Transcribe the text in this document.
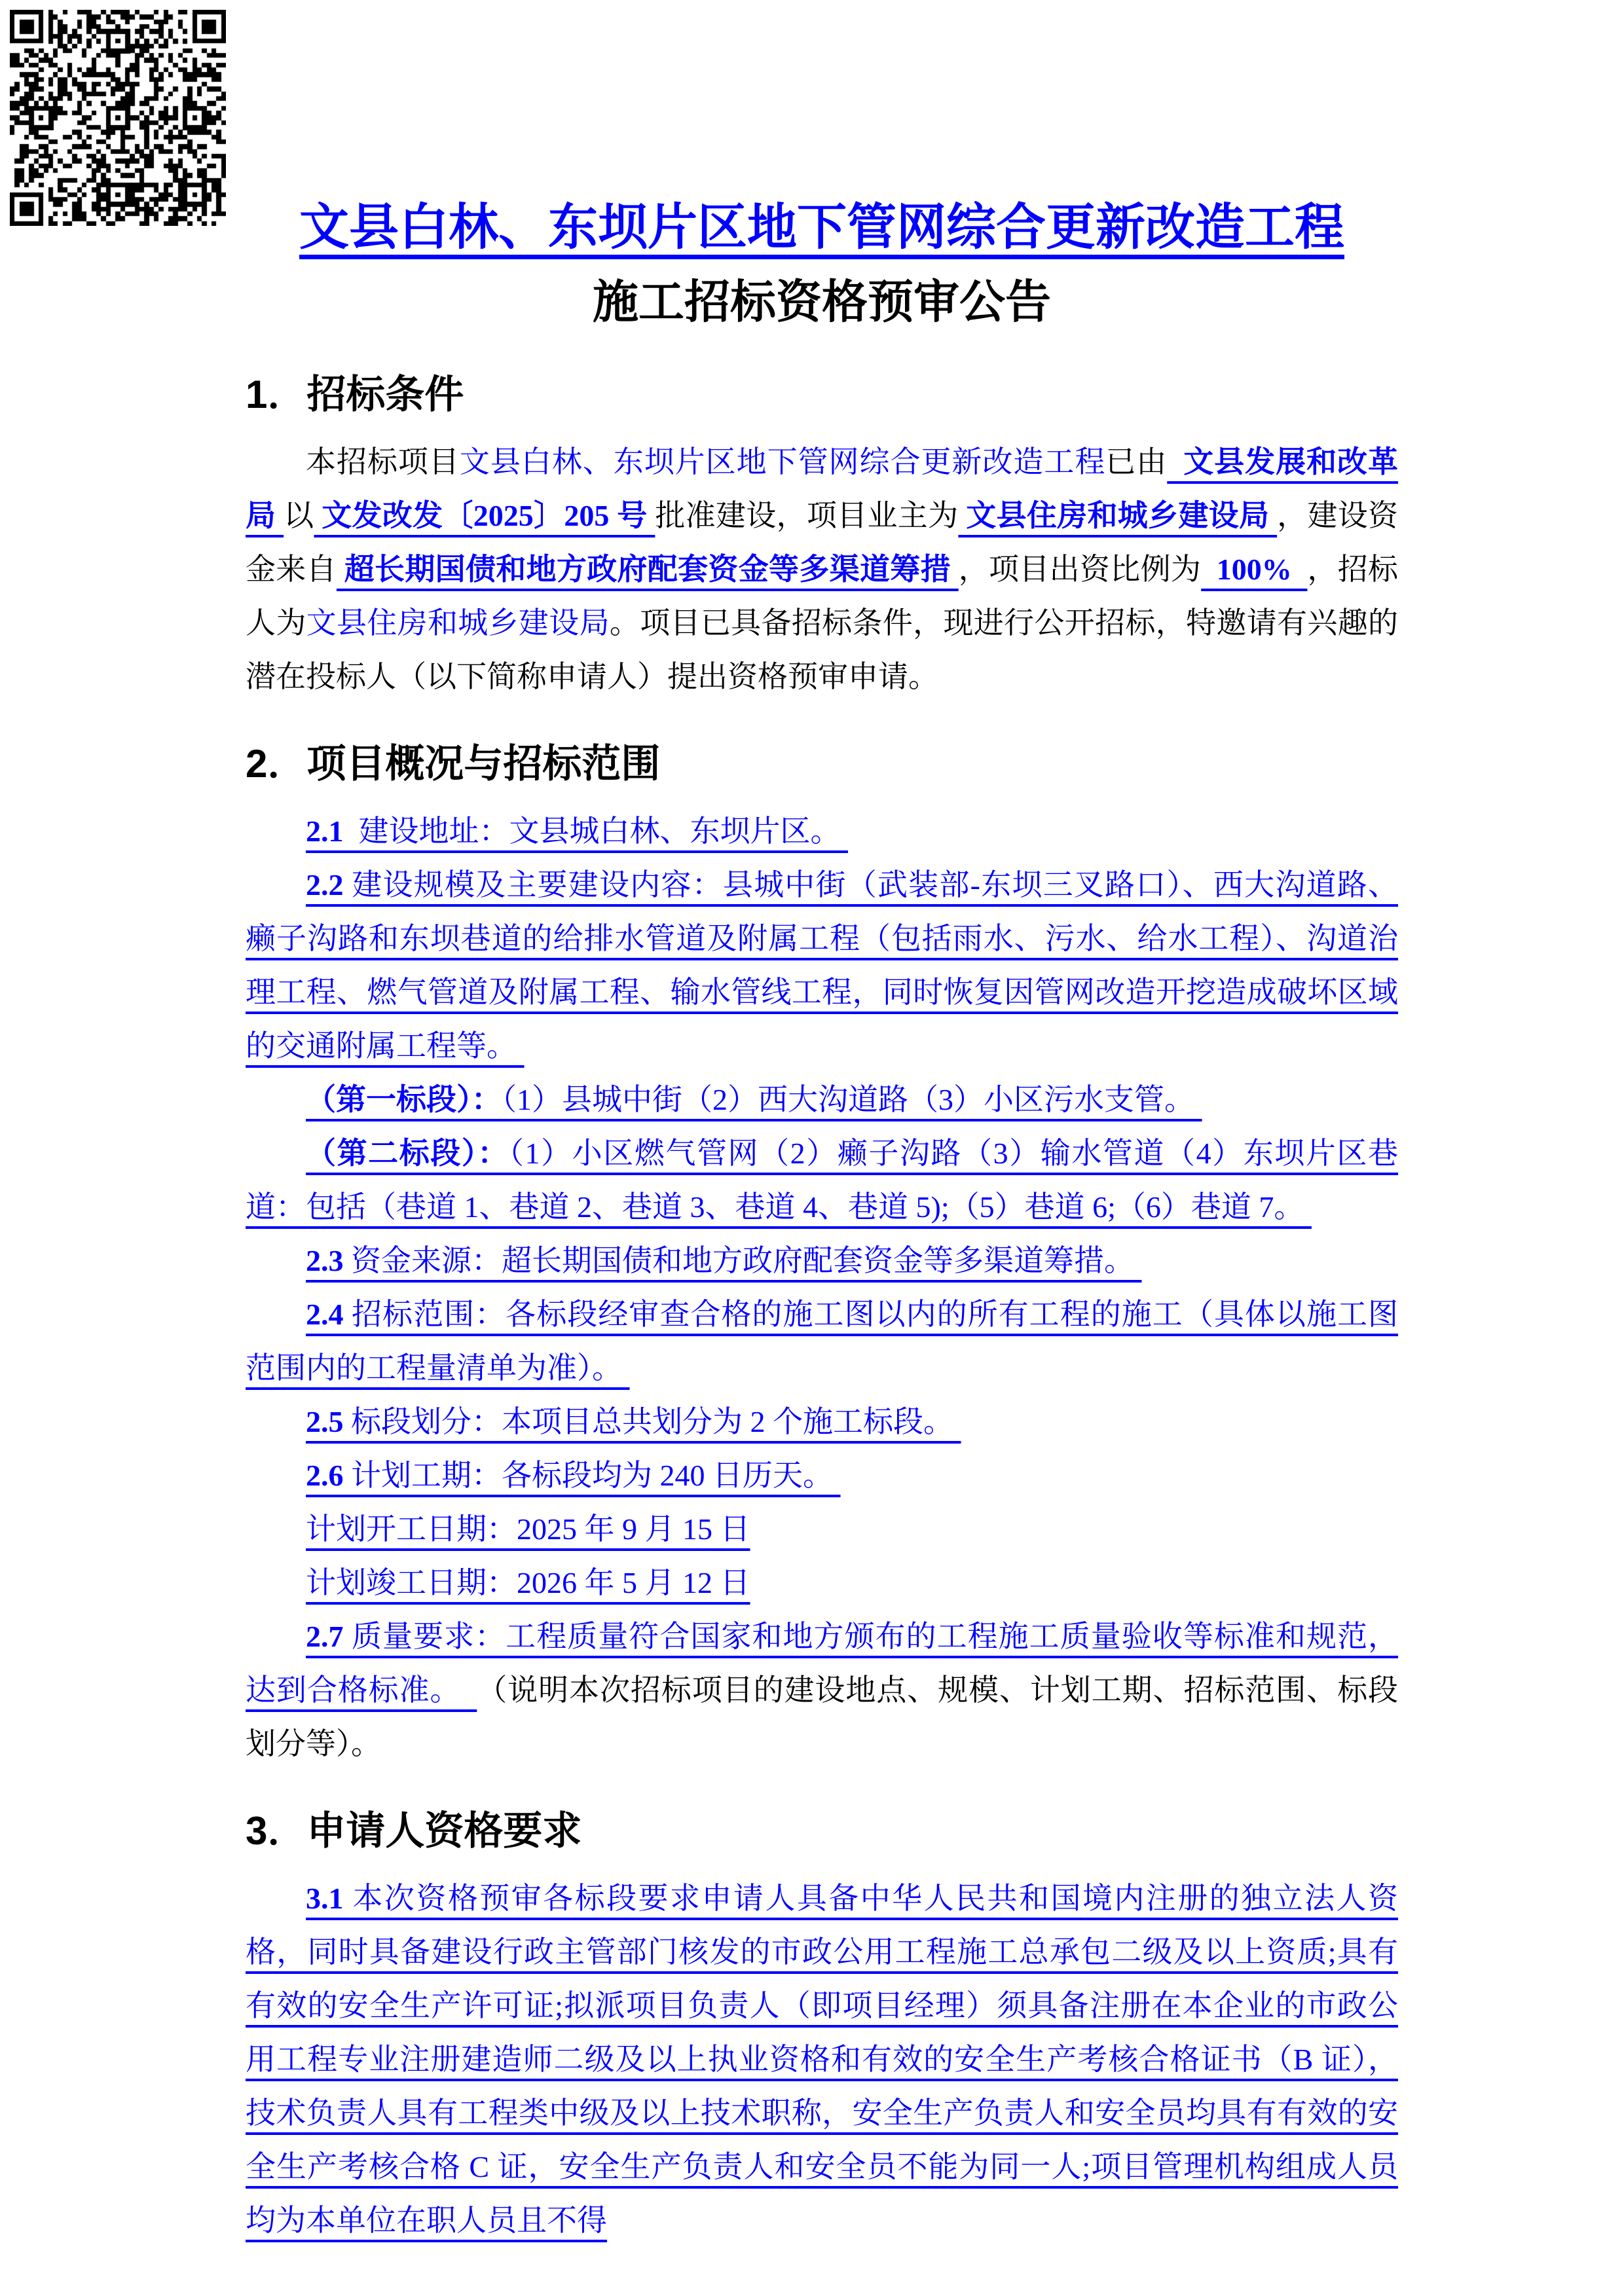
文县白林、东坝片区地下管网综合更新改造工程
施工招标资格预审公告
1．招标条件

本招标项目文县白林、东坝片区地下管网综合更新改造工程已由  文县发展和改革局 以 文发改发〔2025〕205 号 批准建设，项目业主为 文县住房和城乡建设局 ，建设资金来自 超长期国债和地方政府配套资金等多渠道筹措 ，项目出资比例为  100%  ，招标人为文县住房和城乡建设局。项目已具备招标条件，现进行公开招标，特邀请有兴趣的潜在投标人（以下简称申请人）提出资格预审申请。

2．项目概况与招标范围

2.1  建设地址：文县城白林、东坝片区。

2.2 建设规模及主要建设内容：县城中街（武装部-东坝三叉路口）、西大沟道路、癞子沟路和东坝巷道的给排水管道及附属工程（包括雨水、污水、给水工程）、沟道治理工程、燃气管道及附属工程、输水管线工程，同时恢复因管网改造开挖造成破坏区域的交通附属工程等。

（第一标段）：（1）县城中街（2）西大沟道路（3）小区污水支管。

（第二标段）：（1）小区燃气管网（2）癞子沟路（3）输水管道（4）东坝片区巷道：包括（巷道 1、巷道 2、巷道 3、巷道 4、巷道 5);（5）巷道 6;（6）巷道 7。

2.3 资金来源：超长期国债和地方政府配套资金等多渠道筹措。

2.4 招标范围：各标段经审查合格的施工图以内的所有工程的施工（具体以施工图范围内的工程量清单为准）。

2.5 标段划分：本项目总共划分为 2 个施工标段。

2.6 计划工期：各标段均为 240 日历天。

计划开工日期：2025 年 9 月 15 日

计划竣工日期：2026 年 5 月 12 日

2.7 质量要求：工程质量符合国家和地方颁布的工程施工质量验收等标准和规范，达到合格标准。  （说明本次招标项目的建设地点、规模、计划工期、招标范围、标段划分等）。

3．申请人资格要求

3.1 本次资格预审各标段要求申请人具备中华人民共和国境内注册的独立法人资格，同时具备建设行政主管部门核发的市政公用工程施工总承包二级及以上资质;具有有效的安全生产许可证;拟派项目负责人（即项目经理）须具备注册在本企业的市政公用工程专业注册建造师二级及以上执业资格和有效的安全生产考核合格证书（B 证），技术负责人具有工程类中级及以上技术职称，安全生产负责人和安全员均具有有效的安全生产考核合格 C 证，安全生产负责人和安全员不能为同一人;项目管理机构组成人员均为本单位在职人员且不得
